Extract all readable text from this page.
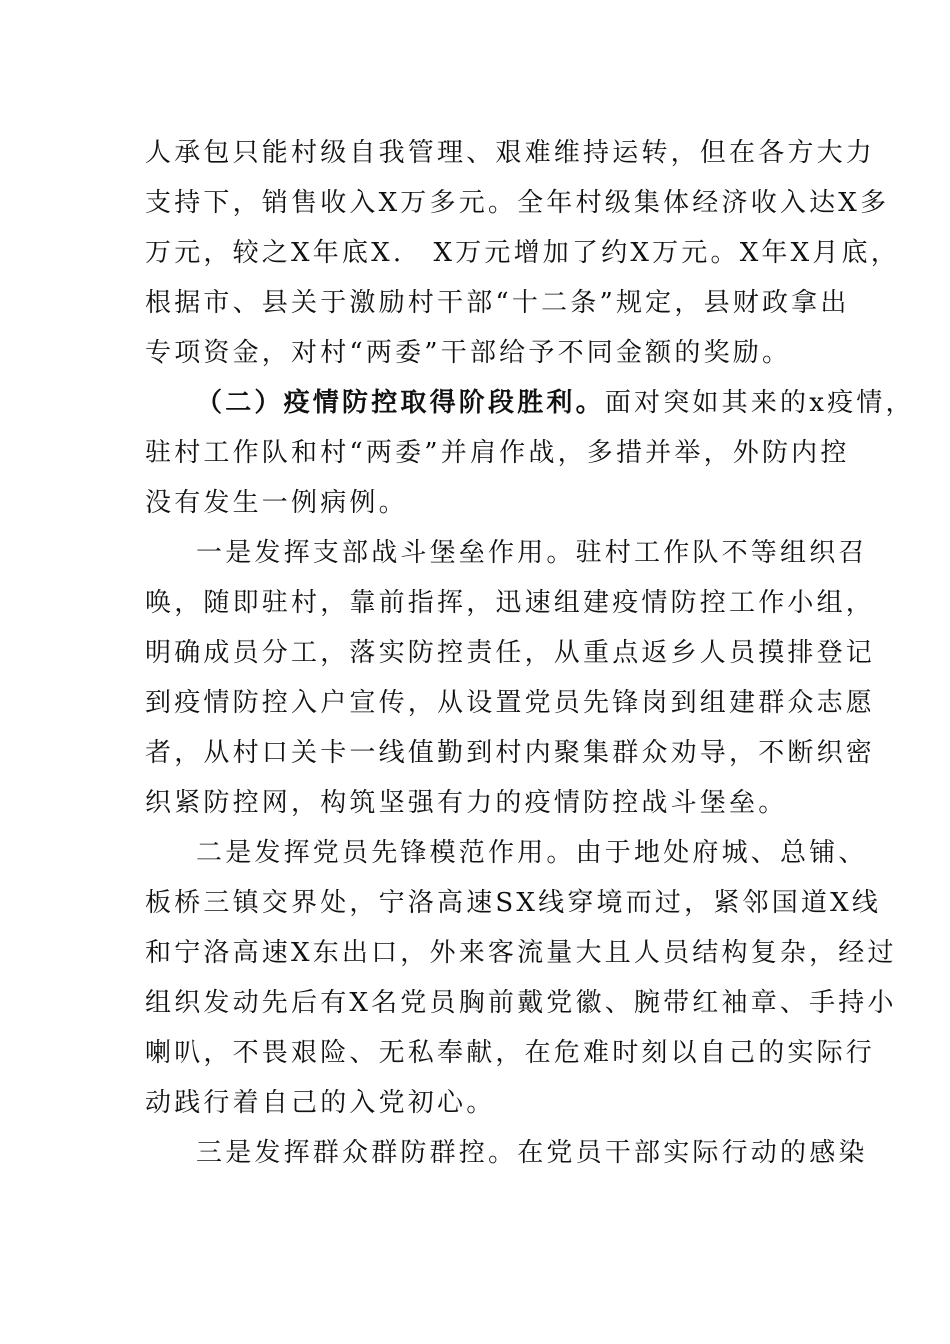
人承包只能村级自我管理、艰难维持运转，但在各方大力
支持下，销售收入X万多元。全年村级集体经济收入达X多
万元，较之X年底X.　X万元增加了约X万元。X年X月底，
根据市、县关于激励村干部“十二条”规定，县财政拿出
专项资金，对村“两委”干部给予不同金额的奖励。
（二）疫情防控取得阶段胜利。面对突如其来的x疫情，
驻村工作队和村“两委”并肩作战，多措并举，外防内控
没有发生一例病例。
一是发挥支部战斗堡垒作用。驻村工作队不等组织召
唤，随即驻村，靠前指挥，迅速组建疫情防控工作小组，
明确成员分工，落实防控责任，从重点返乡人员摸排登记
到疫情防控入户宣传，从设置党员先锋岗到组建群众志愿
者，从村口关卡一线值勤到村内聚集群众劝导，不断织密
织紧防控网，构筑坚强有力的疫情防控战斗堡垒。
二是发挥党员先锋模范作用。由于地处府城、总铺、
板桥三镇交界处，宁洛高速SX线穿境而过，紧邻国道X线
和宁洛高速X东出口，外来客流量大且人员结构复杂，经过
组织发动先后有X名党员胸前戴党徽、腕带红袖章、手持小
喇叭，不畏艰险、无私奉献，在危难时刻以自己的实际行
动践行着自己的入党初心。
三是发挥群众群防群控。在党员干部实际行动的感染
